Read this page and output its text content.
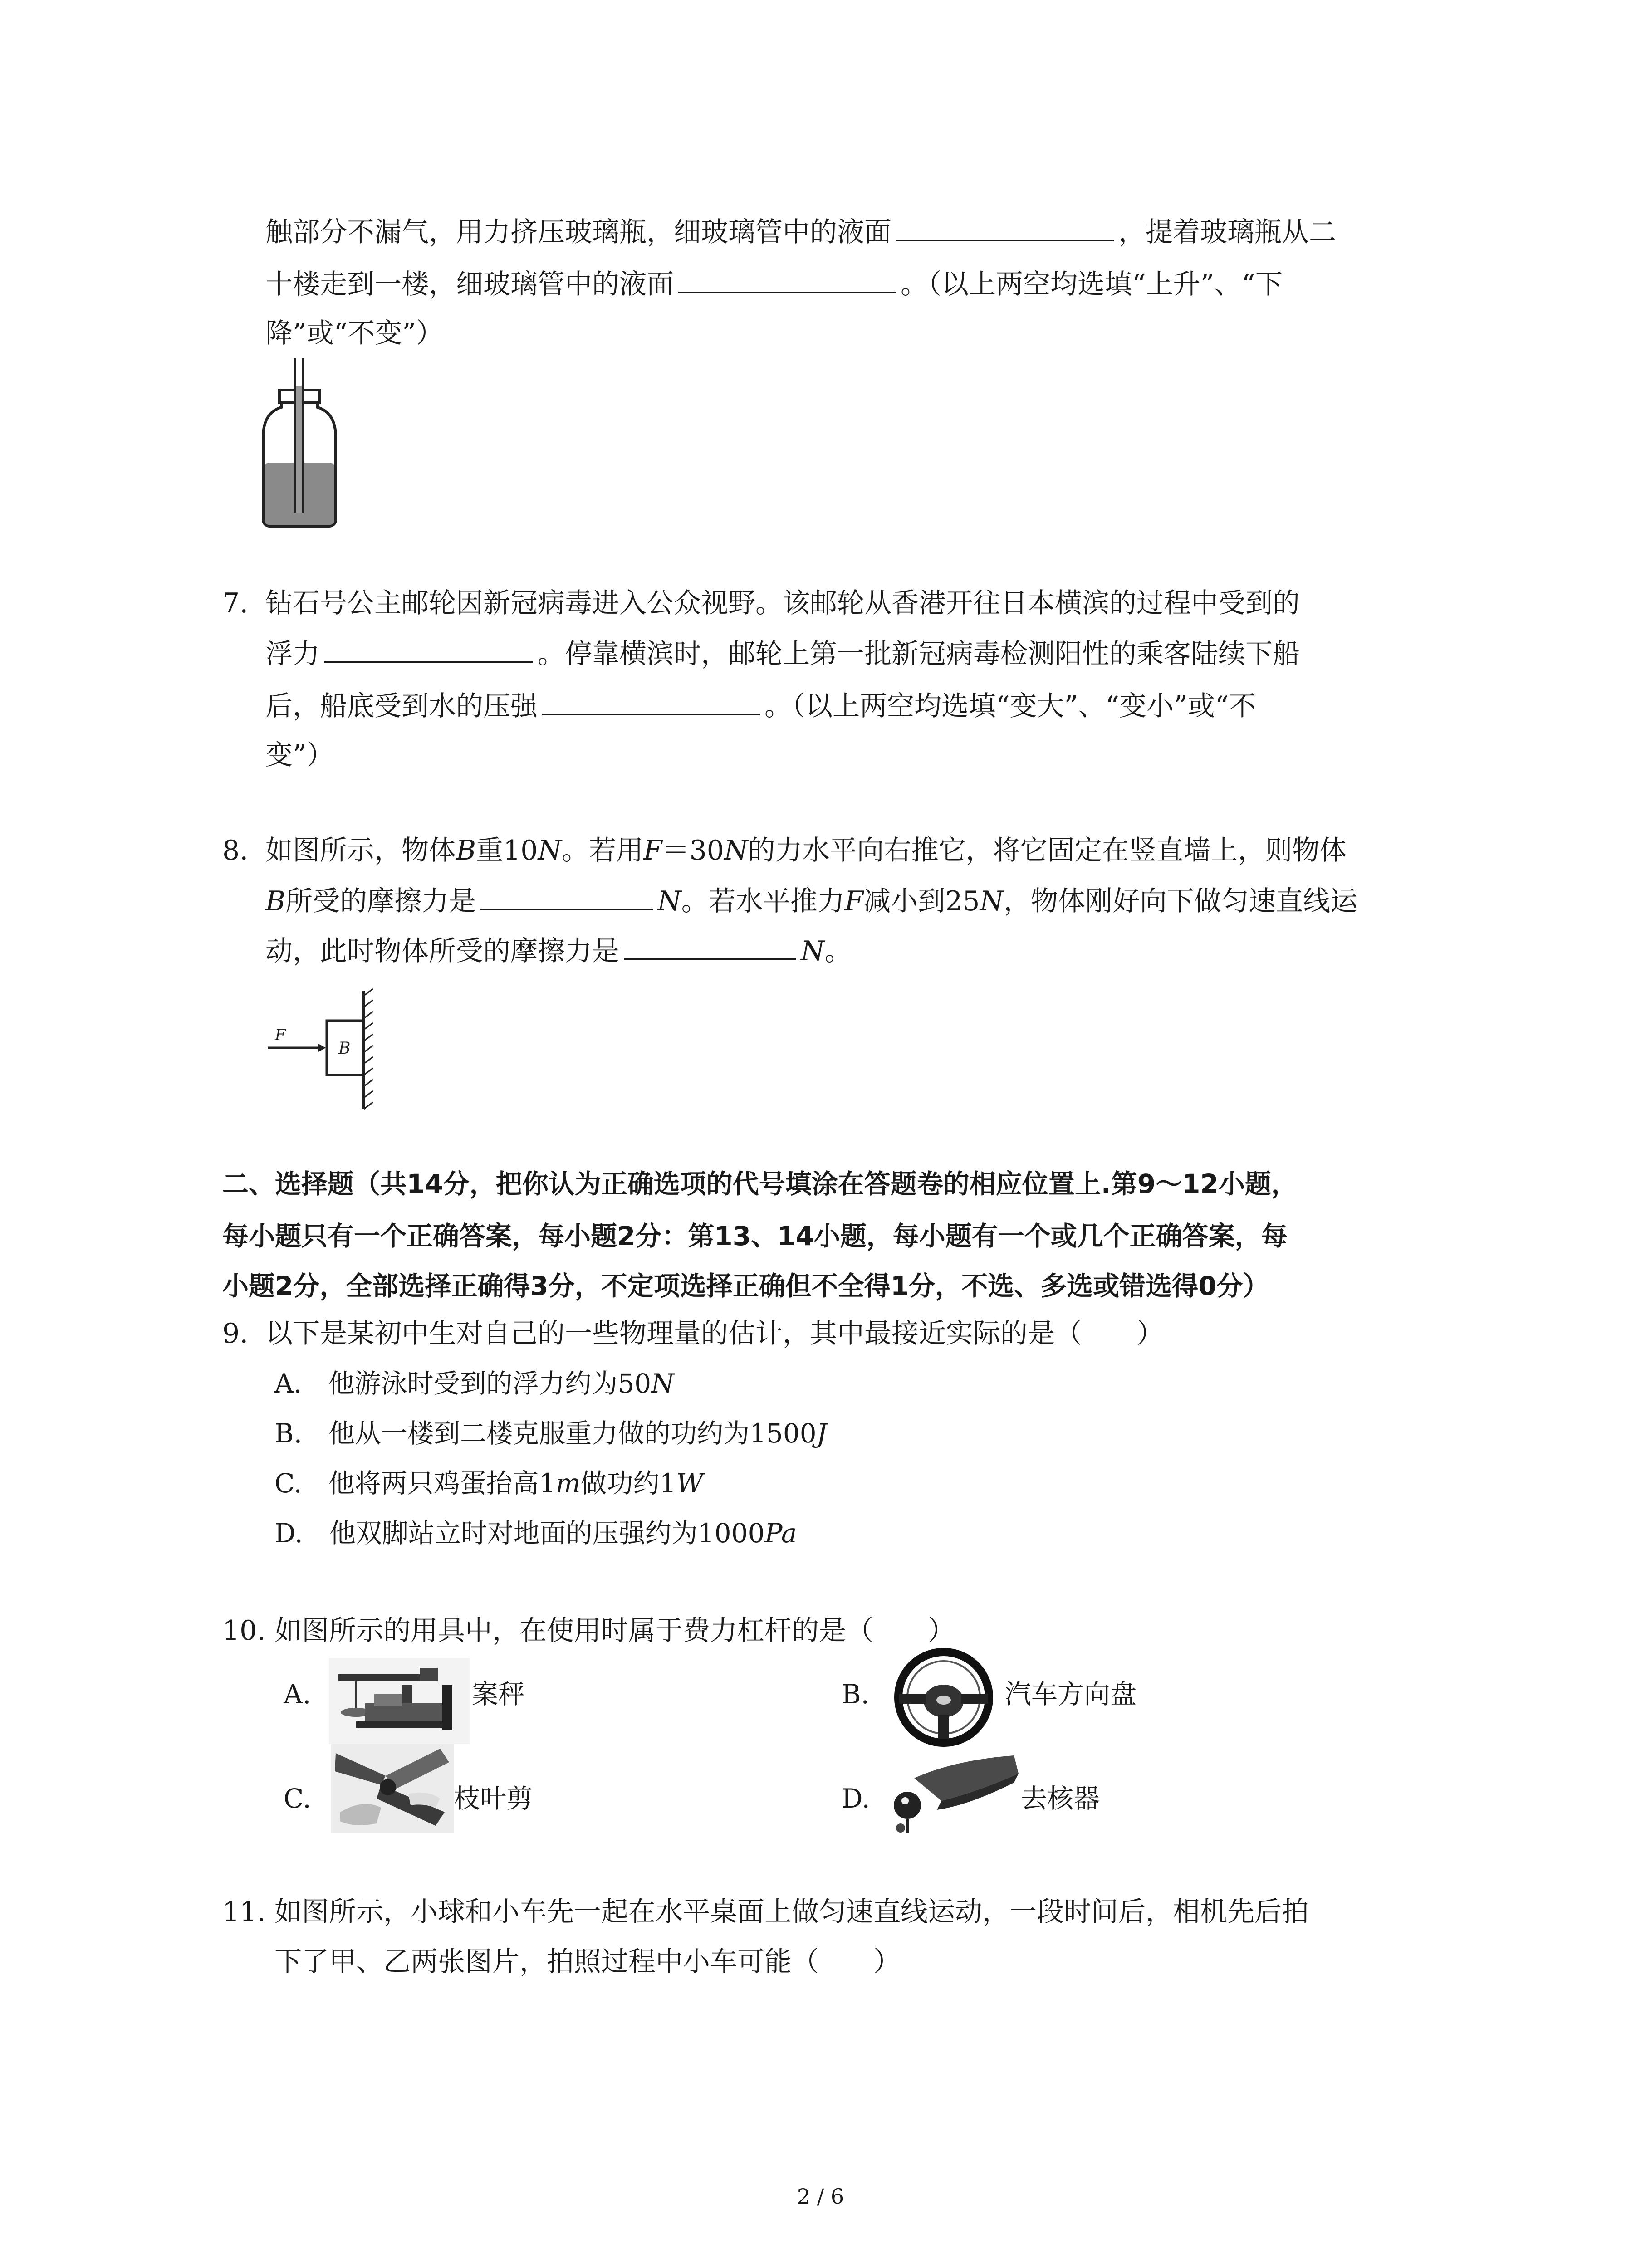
触部分不漏气，用力挤压玻璃瓶，细玻璃管中的液面	，提着玻璃瓶从二
十楼走到一楼，细玻璃管中的液面	。（以上两空均选填“上升”、“下
降”或“不变”）
7. 钻石号公主邮轮因新冠病毒进入公众视野。该邮轮从香港开往日本横滨的过程中受到的
浮力	。停靠横滨时，邮轮上第一批新冠病毒检测阳性的乘客陆续下船
后，船底受到水的压强	。（以上两空均选填“变大”、“变小”或“不
变”）
8. 如图所示，物体B重10N。若用F＝30N的力水平向右推它，将它固定在竖直墙上，则物体
B所受的摩擦力是	N。若水平推力F减小到25N，物体刚好向下做匀速直线运
动，此时物体所受的摩擦力是	N。
F
B
二、选择题（共14分，把你认为正确选项的代号填涂在答题卷的相应位置上.第9～12小题，
每小题只有一个正确答案，每小题2分：第13、14小题，每小题有一个或几个正确答案，每
小题2分，全部选择正确得3分，不定项选择正确但不全得1分，不选、多选或错选得0分）
9. 以下是某初中生对自己的一些物理量的估计，其中最接近实际的是（　　）
A.　他游泳时受到的浮力约为50N
B.　他从一楼到二楼克服重力做的功约为1500J
C.　他将两只鸡蛋抬高1m做功约1W
D.　他双脚站立时对地面的压强约为1000Pa
10. 如图所示的用具中，在使用时属于费力杠杆的是（　　）
A.	案秤	B.	汽车方向盘
C.	枝叶剪	D.	去核器
11. 如图所示，小球和小车先一起在水平桌面上做匀速直线运动，一段时间后，相机先后拍
下了甲、乙两张图片，拍照过程中小车可能（　　）
2 / 6
